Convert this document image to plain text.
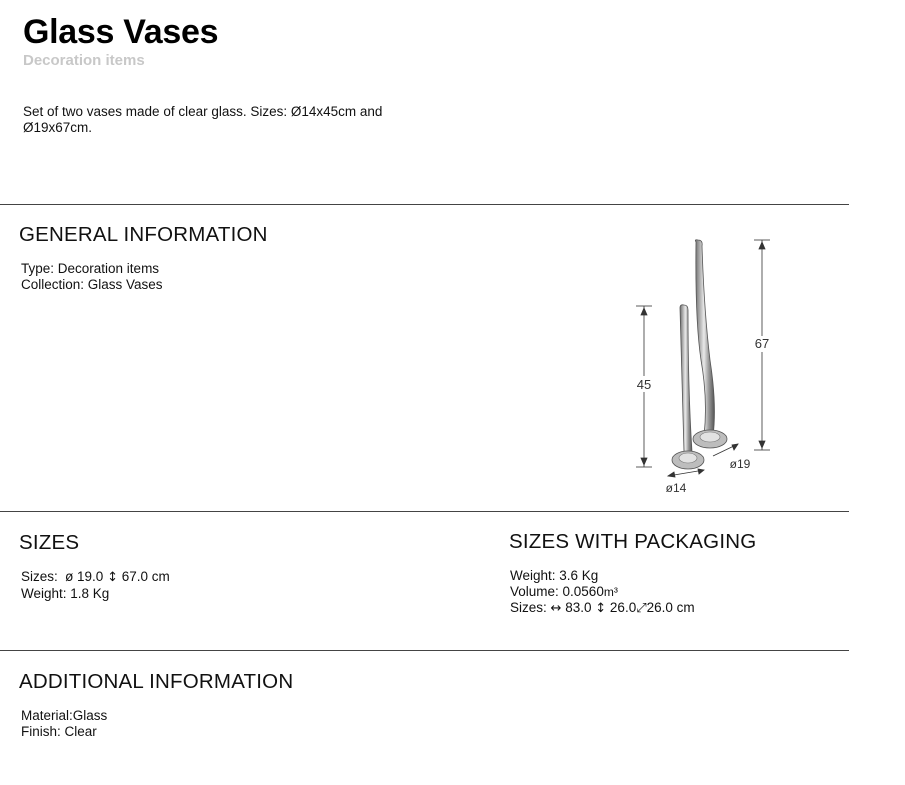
Glass Vases
Decoration items
Set of two vases made of clear glass. Sizes: Ø14x45cm and Ø19x67cm.
GENERAL INFORMATION
Type: Decoration items
Collection: Glass Vases
45
67
ø14
ø19
SIZES
Sizes: ø 19.0 ↕ 67.0 cm
Weight: 1.8 Kg
SIZES WITH PACKAGING
Weight: 3.6 Kg
Volume: 0.0560m³
Sizes: ↔ 83.0 ↕ 26.0⤢26.0 cm
ADDITIONAL INFORMATION
Material:Glass
Finish: Clear
